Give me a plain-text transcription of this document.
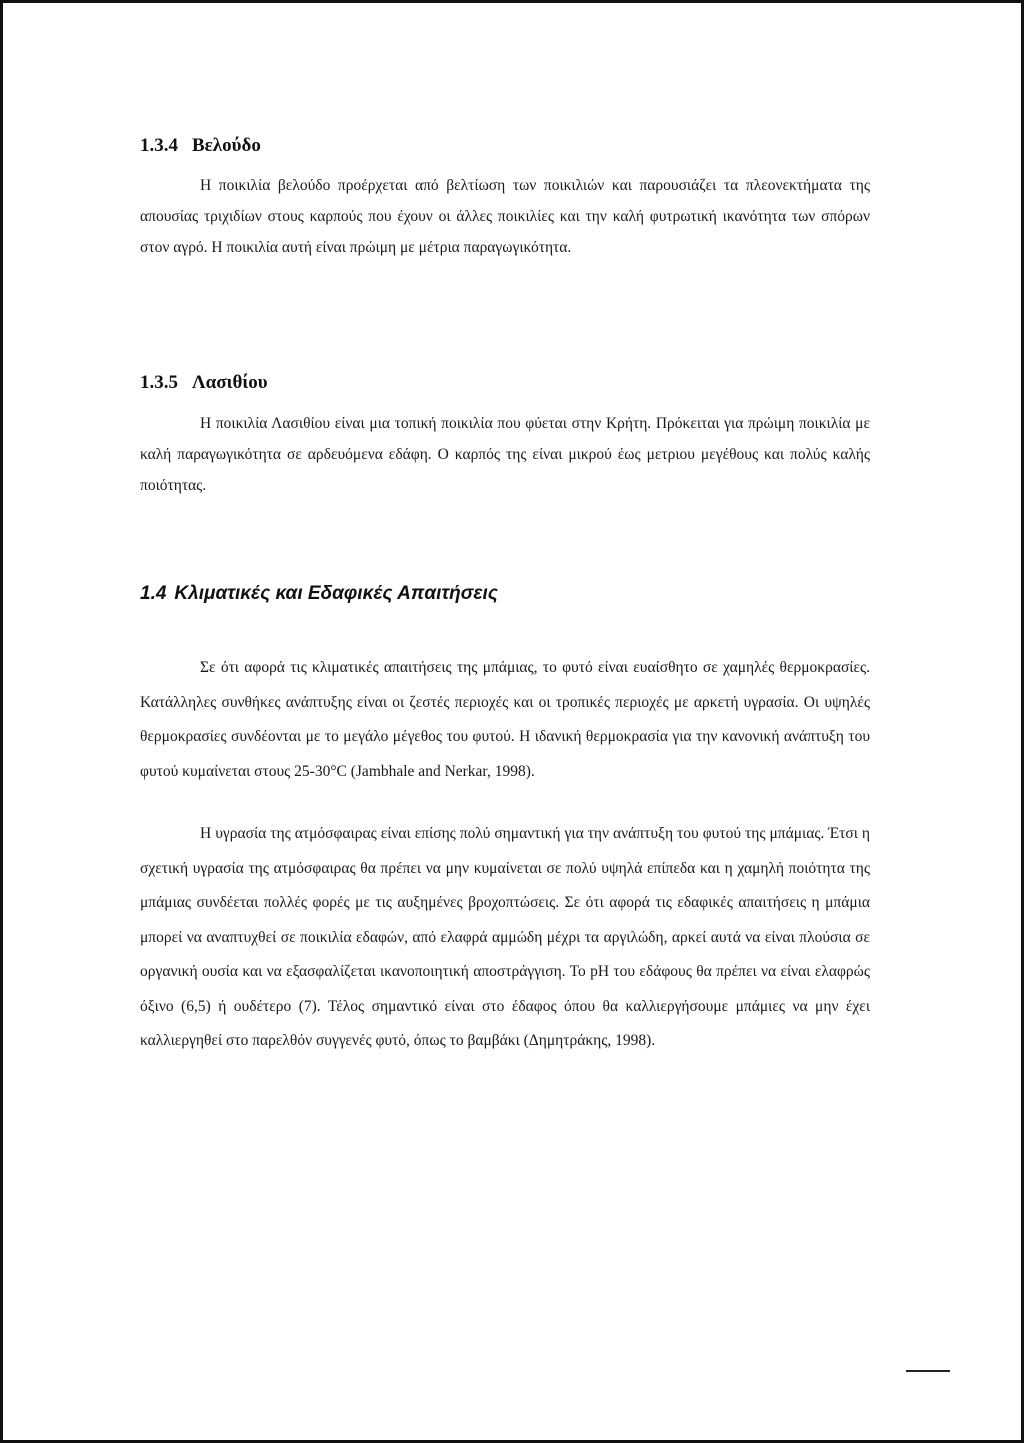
1.3.4 Βελούδο

Η ποικιλία βελούδο προέρχεται από βελτίωση των ποικιλιών και παρουσιάζει τα πλεονεκτήματα της απουσίας τριχιδίων στους καρπούς που έχουν οι άλλες ποικιλίες και την καλή φυτρωτική ικανότητα των σπόρων στον αγρό. Η ποικιλία αυτή είναι πρώιμη με μέτρια παραγωγικότητα.

1.3.5 Λασιθίου

Η ποικιλία Λασιθίου είναι μια τοπική ποικιλία που φύεται στην Κρήτη. Πρόκειται για πρώιμη ποικιλία με καλή παραγωγικότητα σε αρδευόμενα εδάφη. Ο καρπός της είναι μικρού έως μετριου μεγέθους και πολύς καλής ποιότητας.

1.4 Κλιματικές και Εδαφικές Απαιτήσεις

Σε ότι αφορά τις κλιματικές απαιτήσεις της μπάμιας, το φυτό είναι ευαίσθητο σε χαμηλές θερμοκρασίες. Κατάλληλες συνθήκες ανάπτυξης είναι οι ζεστές περιοχές και οι τροπικές περιοχές με αρκετή υγρασία. Οι υψηλές θερμοκρασίες συνδέονται με το μεγάλο μέγεθος του φυτού. Η ιδανική θερμοκρασία για την κανονική ανάπτυξη του φυτού κυμαίνεται στους 25-30°C (Jambhale and Nerkar, 1998).

Η υγρασία της ατμόσφαιρας είναι επίσης πολύ σημαντική για την ανάπτυξη του φυτού της μπάμιας. Έτσι η σχετική υγρασία της ατμόσφαιρας θα πρέπει να μην κυμαίνεται σε πολύ υψηλά επίπεδα και η χαμηλή ποιότητα της μπάμιας συνδέεται πολλές φορές με τις αυξημένες βροχοπτώσεις. Σε ότι αφορά τις εδαφικές απαιτήσεις η μπάμια μπορεί να αναπτυχθεί σε ποικιλία εδαφών, από ελαφρά αμμώδη μέχρι τα αργιλώδη, αρκεί αυτά να είναι πλούσια σε οργανική ουσία και να εξασφαλίζεται ικανοποιητική αποστράγγιση. Το pH του εδάφους θα πρέπει να είναι ελαφρώς όξινο (6,5) ή ουδέτερο (7). Τέλος σημαντικό είναι στο έδαφος όπου θα καλλιεργήσουμε μπάμιες να μην έχει καλλιεργηθεί στο παρελθόν συγγενές φυτό, όπως το βαμβάκι (Δημητράκης, 1998).
